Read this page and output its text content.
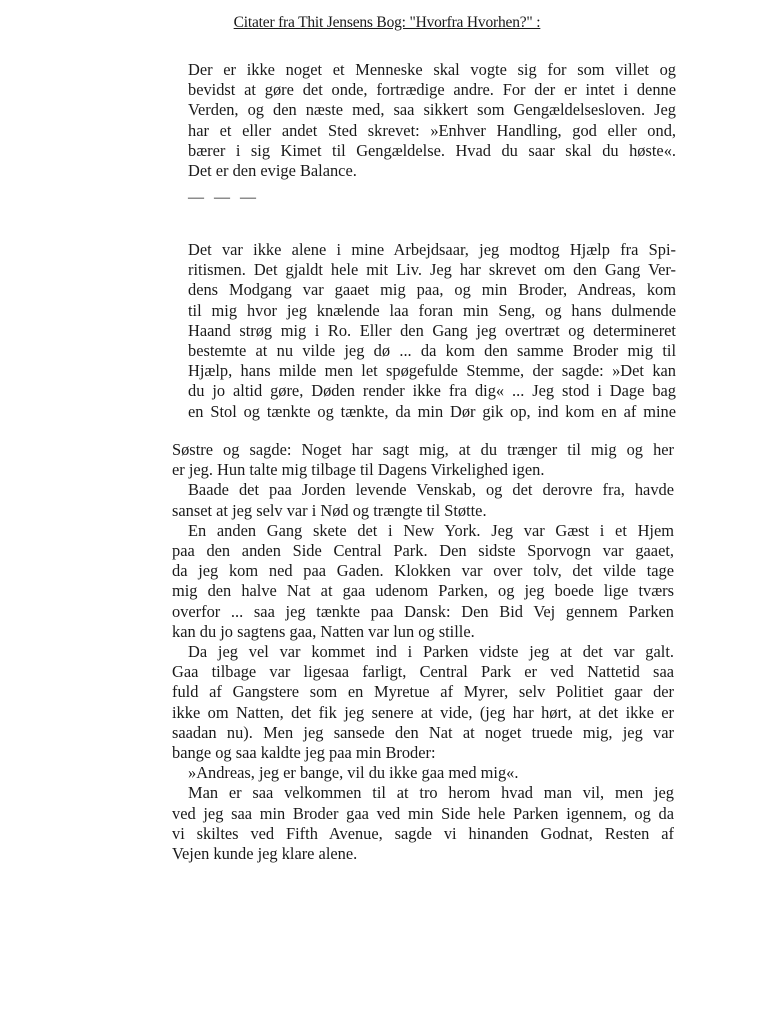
Citater fra Thit Jensens Bog: "Hvorfra Hvorhen?" :
Der er ikke noget et Menneske skal vogte sig for som villet og
bevidst at gøre det onde, fortrædige andre. For der er intet i denne
Verden, og den næste med, saa sikkert som Gengældelsesloven. Jeg
har et eller andet Sted skrevet: »Enhver Handling, god eller ond,
bærer i sig Kimet til Gengældelse. Hvad du saar skal du høste«.
Det er den evige Balance.
— — —
Det var ikke alene i mine Arbejdsaar, jeg modtog Hjælp fra Spi-
ritismen. Det gjaldt hele mit Liv. Jeg har skrevet om den Gang Ver-
dens Modgang var gaaet mig paa, og min Broder, Andreas, kom
til mig hvor jeg knælende laa foran min Seng, og hans dulmende
Haand strøg mig i Ro. Eller den Gang jeg overtræt og determineret
bestemte at nu vilde jeg dø ... da kom den samme Broder mig til
Hjælp, hans milde men let spøgefulde Stemme, der sagde: »Det kan
du jo altid gøre, Døden render ikke fra dig« ... Jeg stod i Dage bag
en Stol og tænkte og tænkte, da min Dør gik op, ind kom en af mine
Søstre og sagde: Noget har sagt mig, at du trænger til mig og her
er jeg. Hun talte mig tilbage til Dagens Virkelighed igen.
Baade det paa Jorden levende Venskab, og det derovre fra, havde
sanset at jeg selv var i Nød og trængte til Støtte.
En anden Gang skete det i New York. Jeg var Gæst i et Hjem
paa den anden Side Central Park. Den sidste Sporvogn var gaaet,
da jeg kom ned paa Gaden. Klokken var over tolv, det vilde tage
mig den halve Nat at gaa udenom Parken, og jeg boede lige tværs
overfor ... saa jeg tænkte paa Dansk: Den Bid Vej gennem Parken
kan du jo sagtens gaa, Natten var lun og stille.
Da jeg vel var kommet ind i Parken vidste jeg at det var galt.
Gaa tilbage var ligesaa farligt, Central Park er ved Nattetid saa
fuld af Gangstere som en Myretue af Myrer, selv Politiet gaar der
ikke om Natten, det fik jeg senere at vide, (jeg har hørt, at det ikke er
saadan nu). Men jeg sansede den Nat at noget truede mig, jeg var
bange og saa kaldte jeg paa min Broder:
»Andreas, jeg er bange, vil du ikke gaa med mig«.
Man er saa velkommen til at tro herom hvad man vil, men jeg
ved jeg saa min Broder gaa ved min Side hele Parken igennem, og da
vi skiltes ved Fifth Avenue, sagde vi hinanden Godnat, Resten af
Vejen kunde jeg klare alene.
